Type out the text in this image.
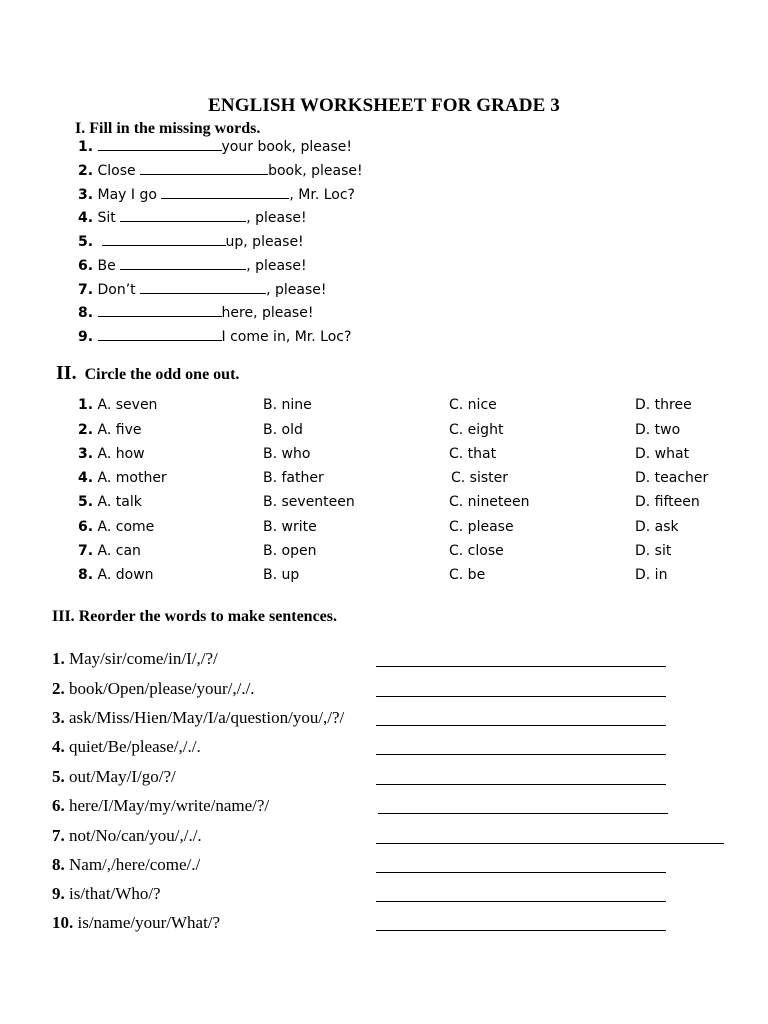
ENGLISH WORKSHEET FOR GRADE 3
I. Fill in the missing words.
1.	your book, please!
2. Close	book, please!
3. May I go	, Mr. Loc?
4. Sit	, please!
5.	up, please!
6. Be	, please!
7. Don’t	, please!
8.	here, please!
9.	I come in, Mr. Loc?
II. Circle the odd one out.
1. A. seven	B. nine	C. nice	D. three
2. A. five	B. old	C. eight	D. two
3. A. how	B. who	C. that	D. what
4. A. mother	B. father	C. sister	D. teacher
5. A. talk	B. seventeen	C. nineteen	D. fifteen
6. A. come	B. write	C. please	D. ask
7. A. can	B. open	C. close	D. sit
8. A. down	B. up	C. be	D. in
III. Reorder the words to make sentences.
1. May/sir/come/in/I/,/?/
2. book/Open/please/your/,/./.
3. ask/Miss/Hien/May/I/a/question/you/,/?/
4. quiet/Be/please/,/./.
5. out/May/I/go/?/
6. here/I/May/my/write/name/?/
7. not/No/can/you/,/./.
8. Nam/,/here/come/./
9. is/that/Who/?
10. is/name/your/What/?
